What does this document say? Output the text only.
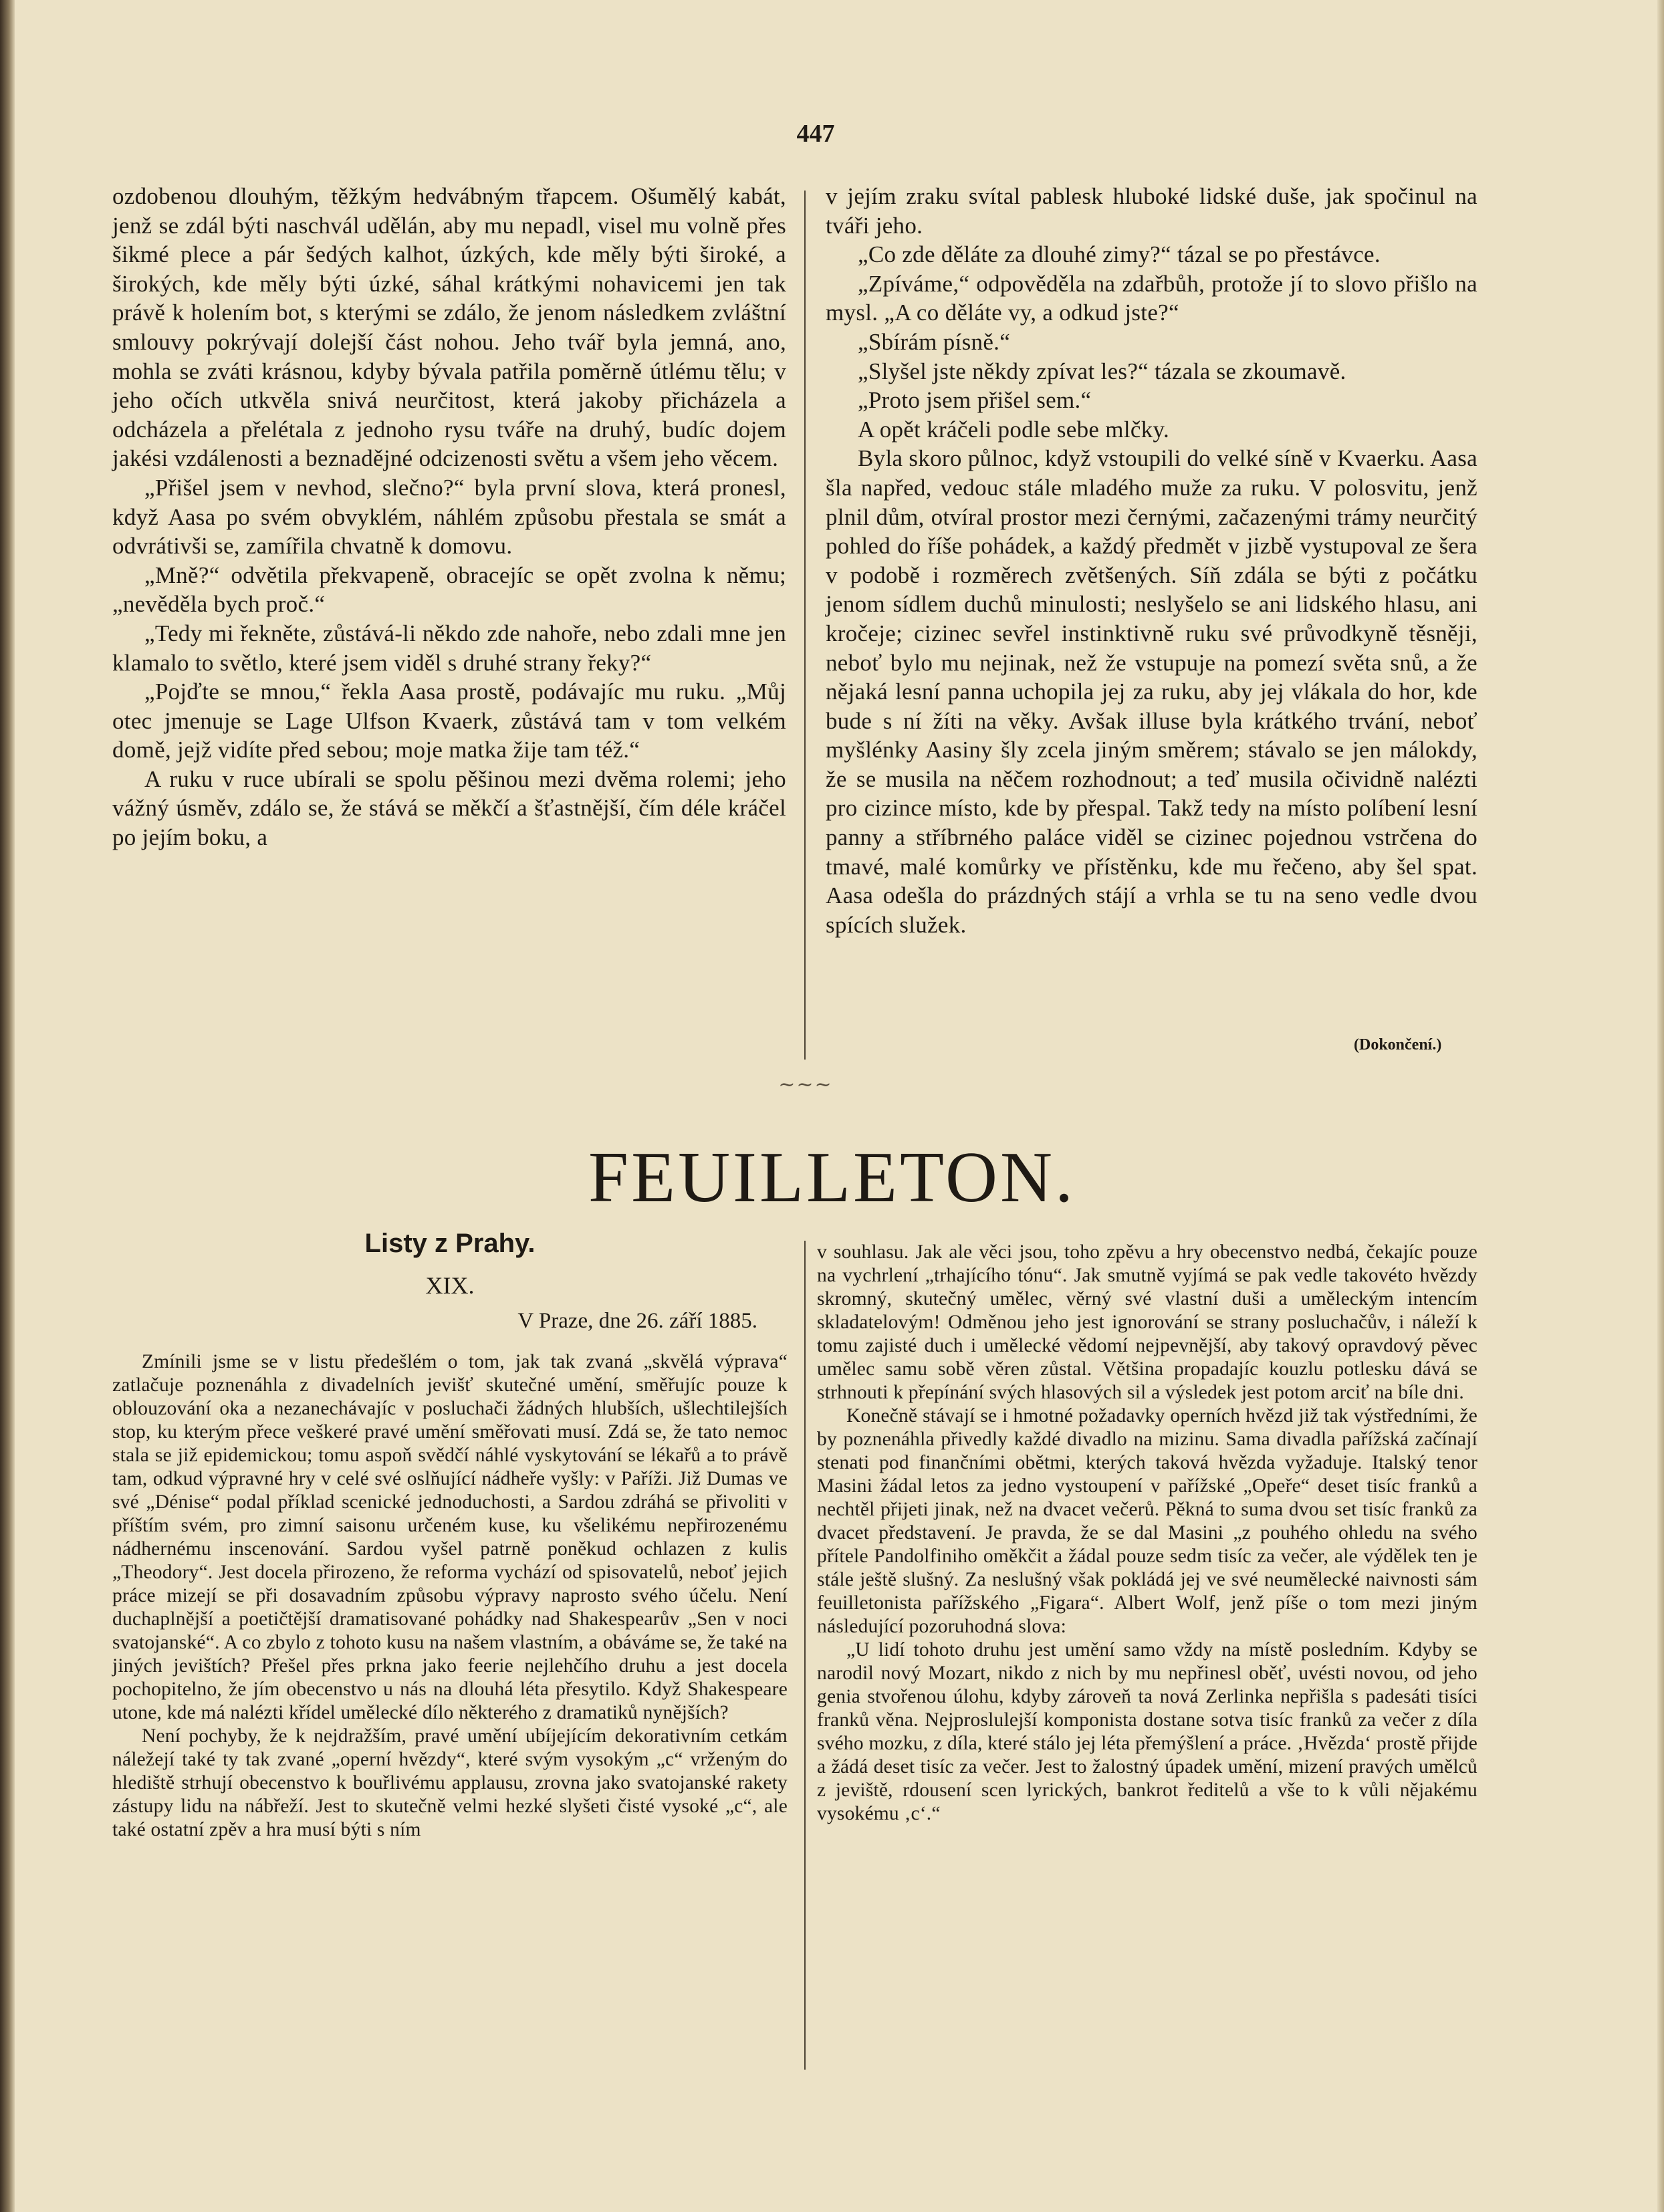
447

ozdobenou dlouhým, těžkým hedvábným třapcem. Ošumělý kabát, jenž se zdál býti naschvál udělán, aby mu nepadl, visel mu volně přes šikmé plece a pár šedých kalhot, úzkých, kde měly býti široké, a širokých, kde měly býti úzké, sáhal krátkými nohavicemi jen tak právě k holením bot, s kterými se zdálo, že jenom následkem zvláštní smlouvy pokrývají dolejší část nohou. Jeho tvář byla jemná, ano, mohla se zváti krásnou, kdyby bývala patřila poměrně útlému tělu; v jeho očích utkvěla snivá neurčitost, která jakoby přicházela a odcházela a přelétala z jednoho rysu tváře na druhý, budíc dojem jakési vzdálenosti a beznadějné odcizenosti světu a všem jeho věcem.

„Přišel jsem v nevhod, slečno?“ byla první slova, která pronesl, když Aasa po svém obvyklém, náhlém způsobu přestala se smát a odvrátivši se, zamířila chvatně k domovu.

„Mně?“ odvětila překvapeně, obracejíc se opět zvolna k němu; „nevěděla bych proč.“

„Tedy mi řekněte, zůstává-li někdo zde nahoře, nebo zdali mne jen klamalo to světlo, které jsem viděl s druhé strany řeky?“

„Pojďte se mnou,“ řekla Aasa prostě, podávajíc mu ruku. „Můj otec jmenuje se Lage Ulfson Kvaerk, zůstává tam v tom velkém domě, jejž vidíte před sebou; moje matka žije tam též.“

A ruku v ruce ubírali se spolu pěšinou mezi dvěma rolemi; jeho vážný úsměv, zdálo se, že stává se měkčí a šťastnější, čím déle kráčel po jejím boku, a

v jejím zraku svítal pablesk hluboké lidské duše, jak spočinul na tváři jeho.

„Co zde děláte za dlouhé zimy?“ tázal se po přestávce.

„Zpíváme,“ odpověděla na zdařbůh, protože jí to slovo přišlo na mysl. „A co děláte vy, a odkud jste?“

„Sbírám písně.“

„Slyšel jste někdy zpívat les?“ tázala se zkoumavě.

„Proto jsem přišel sem.“

A opět kráčeli podle sebe mlčky.

Byla skoro půlnoc, když vstoupili do velké síně v Kvaerku. Aasa šla napřed, vedouc stále mladého muže za ruku. V polosvitu, jenž plnil dům, otvíral prostor mezi černými, začazenými trámy neurčitý pohled do říše pohádek, a každý předmět v jizbě vystupoval ze šera v podobě i rozměrech zvětšených. Síň zdála se býti z počátku jenom sídlem duchů minulosti; neslyšelo se ani lidského hlasu, ani kročeje; cizinec sevřel instinktivně ruku své průvodkyně těsněji, neboť bylo mu nejinak, než že vstupuje na pomezí světa snů, a že nějaká lesní panna uchopila jej za ruku, aby jej vlákala do hor, kde bude s ní žíti na věky. Avšak illuse byla krátkého trvání, neboť myšlénky Aasiny šly zcela jiným směrem; stávalo se jen málokdy, že se musila na něčem rozhodnout; a teď musila očividně nalézti pro cizince místo, kde by přespal. Takž tedy na místo políbení lesní panny a stříbrného paláce viděl se cizinec pojednou vstrčena do tmavé, malé komůrky ve přístěnku, kde mu řečeno, aby šel spat. Aasa odešla do prázdných stájí a vrhla se tu na seno vedle dvou spících služek.

(Dokončení.)
~~~
FEUILLETON.
Listy z Prahy.
XIX.
V Praze, dne 26. září 1885.

Zmínili jsme se v listu předešlém o tom, jak tak zvaná „skvělá výprava“ zatlačuje poznenáhla z divadelních jevišť skutečné umění, směřujíc pouze k oblouzování oka a nezanechávajíc v posluchači žádných hlubších, ušlechtilejších stop, ku kterým přece veškeré pravé umění směřovati musí. Zdá se, že tato nemoc stala se již epidemickou; tomu aspoň svědčí náhlé vyskytování se lékařů a to právě tam, odkud výpravné hry v celé své oslňující nádheře vyšly: v Paříži. Již Dumas ve své „Dénise“ podal příklad scenické jednoduchosti, a Sardou zdráhá se přivoliti v příštím svém, pro zimní saisonu určeném kuse, ku všelikému nepřirozenému nádhernému inscenování. Sardou vyšel patrně poněkud ochlazen z kulis „Theodory“. Jest docela přirozeno, že reforma vychází od spisovatelů, neboť jejich práce mizejí se při dosavadním způsobu výpravy naprosto svého účelu. Není duchaplnější a poetičtější dramatisované pohádky nad Shakespearův „Sen v noci svatojanské“. A co zbylo z tohoto kusu na našem vlastním, a obáváme se, že také na jiných jevištích? Přešel přes prkna jako feerie nejlehčího druhu a jest docela pochopitelno, že jím obecenstvo u nás na dlouhá léta přesytilo. Když Shakespeare utone, kde má nalézti křídel umělecké dílo některého z dramatiků nynějších?

Není pochyby, že k nejdražším, pravé umění ubíjejícím dekorativním cetkám náležejí také ty tak zvané „operní hvězdy“, které svým vysokým „c“ vrženým do hlediště strhují obecenstvo k bouřlivému applausu, zrovna jako svatojanské rakety zástupy lidu na nábřeží. Jest to skutečně velmi hezké slyšeti čisté vysoké „c“, ale také ostatní zpěv a hra musí býti s ním

v souhlasu. Jak ale věci jsou, toho zpěvu a hry obecenstvo nedbá, čekajíc pouze na vychrlení „trhajícího tónu“. Jak smutně vyjímá se pak vedle takovéto hvězdy skromný, skutečný umělec, věrný své vlastní duši a uměleckým intencím skladatelovým! Odměnou jeho jest ignorování se strany posluchačův, i náleží k tomu zajisté duch i umělecké vědomí nejpevnější, aby takový opravdový pěvec umělec samu sobě věren zůstal. Většina propadajíc kouzlu potlesku dává se strhnouti k přepínání svých hlasových sil a výsledek jest potom arciť na bíle dni.

Konečně stávají se i hmotné požadavky operních hvězd již tak výstředními, že by poznenáhla přivedly každé divadlo na mizinu. Sama divadla pařížská začínají stenati pod finančními obětmi, kterých taková hvězda vyžaduje. Italský tenor Masini žádal letos za jedno vystoupení v pařížské „Opeře“ deset tisíc franků a nechtěl přijeti jinak, než na dvacet večerů. Pěkná to suma dvou set tisíc franků za dvacet představení. Je pravda, že se dal Masini „z pouhého ohledu na svého přítele Pandolfiniho oměkčit a žádal pouze sedm tisíc za večer, ale výdělek ten je stále ještě slušný. Za neslušný však pokládá jej ve své neumělecké naivnosti sám feuilletonista pařížského „Figara“. Albert Wolf, jenž píše o tom mezi jiným následující pozoruhodná slova:

„U lidí tohoto druhu jest umění samo vždy na místě posledním. Kdyby se narodil nový Mozart, nikdo z nich by mu nepřinesl oběť, uvésti novou, od jeho genia stvořenou úlohu, kdyby zároveň ta nová Zerlinka nepřišla s padesáti tisíci franků věna. Nejproslulejší komponista dostane sotva tisíc franků za večer z díla svého mozku, z díla, které stálo jej léta přemýšlení a práce. ‚Hvězda‘ prostě přijde a žádá deset tisíc za večer. Jest to žalostný úpadek umění, mizení pravých umělců z jeviště, rdousení scen lyrických, bankrot ředitelů a vše to k vůli nějakému vysokému ‚c‘.“
